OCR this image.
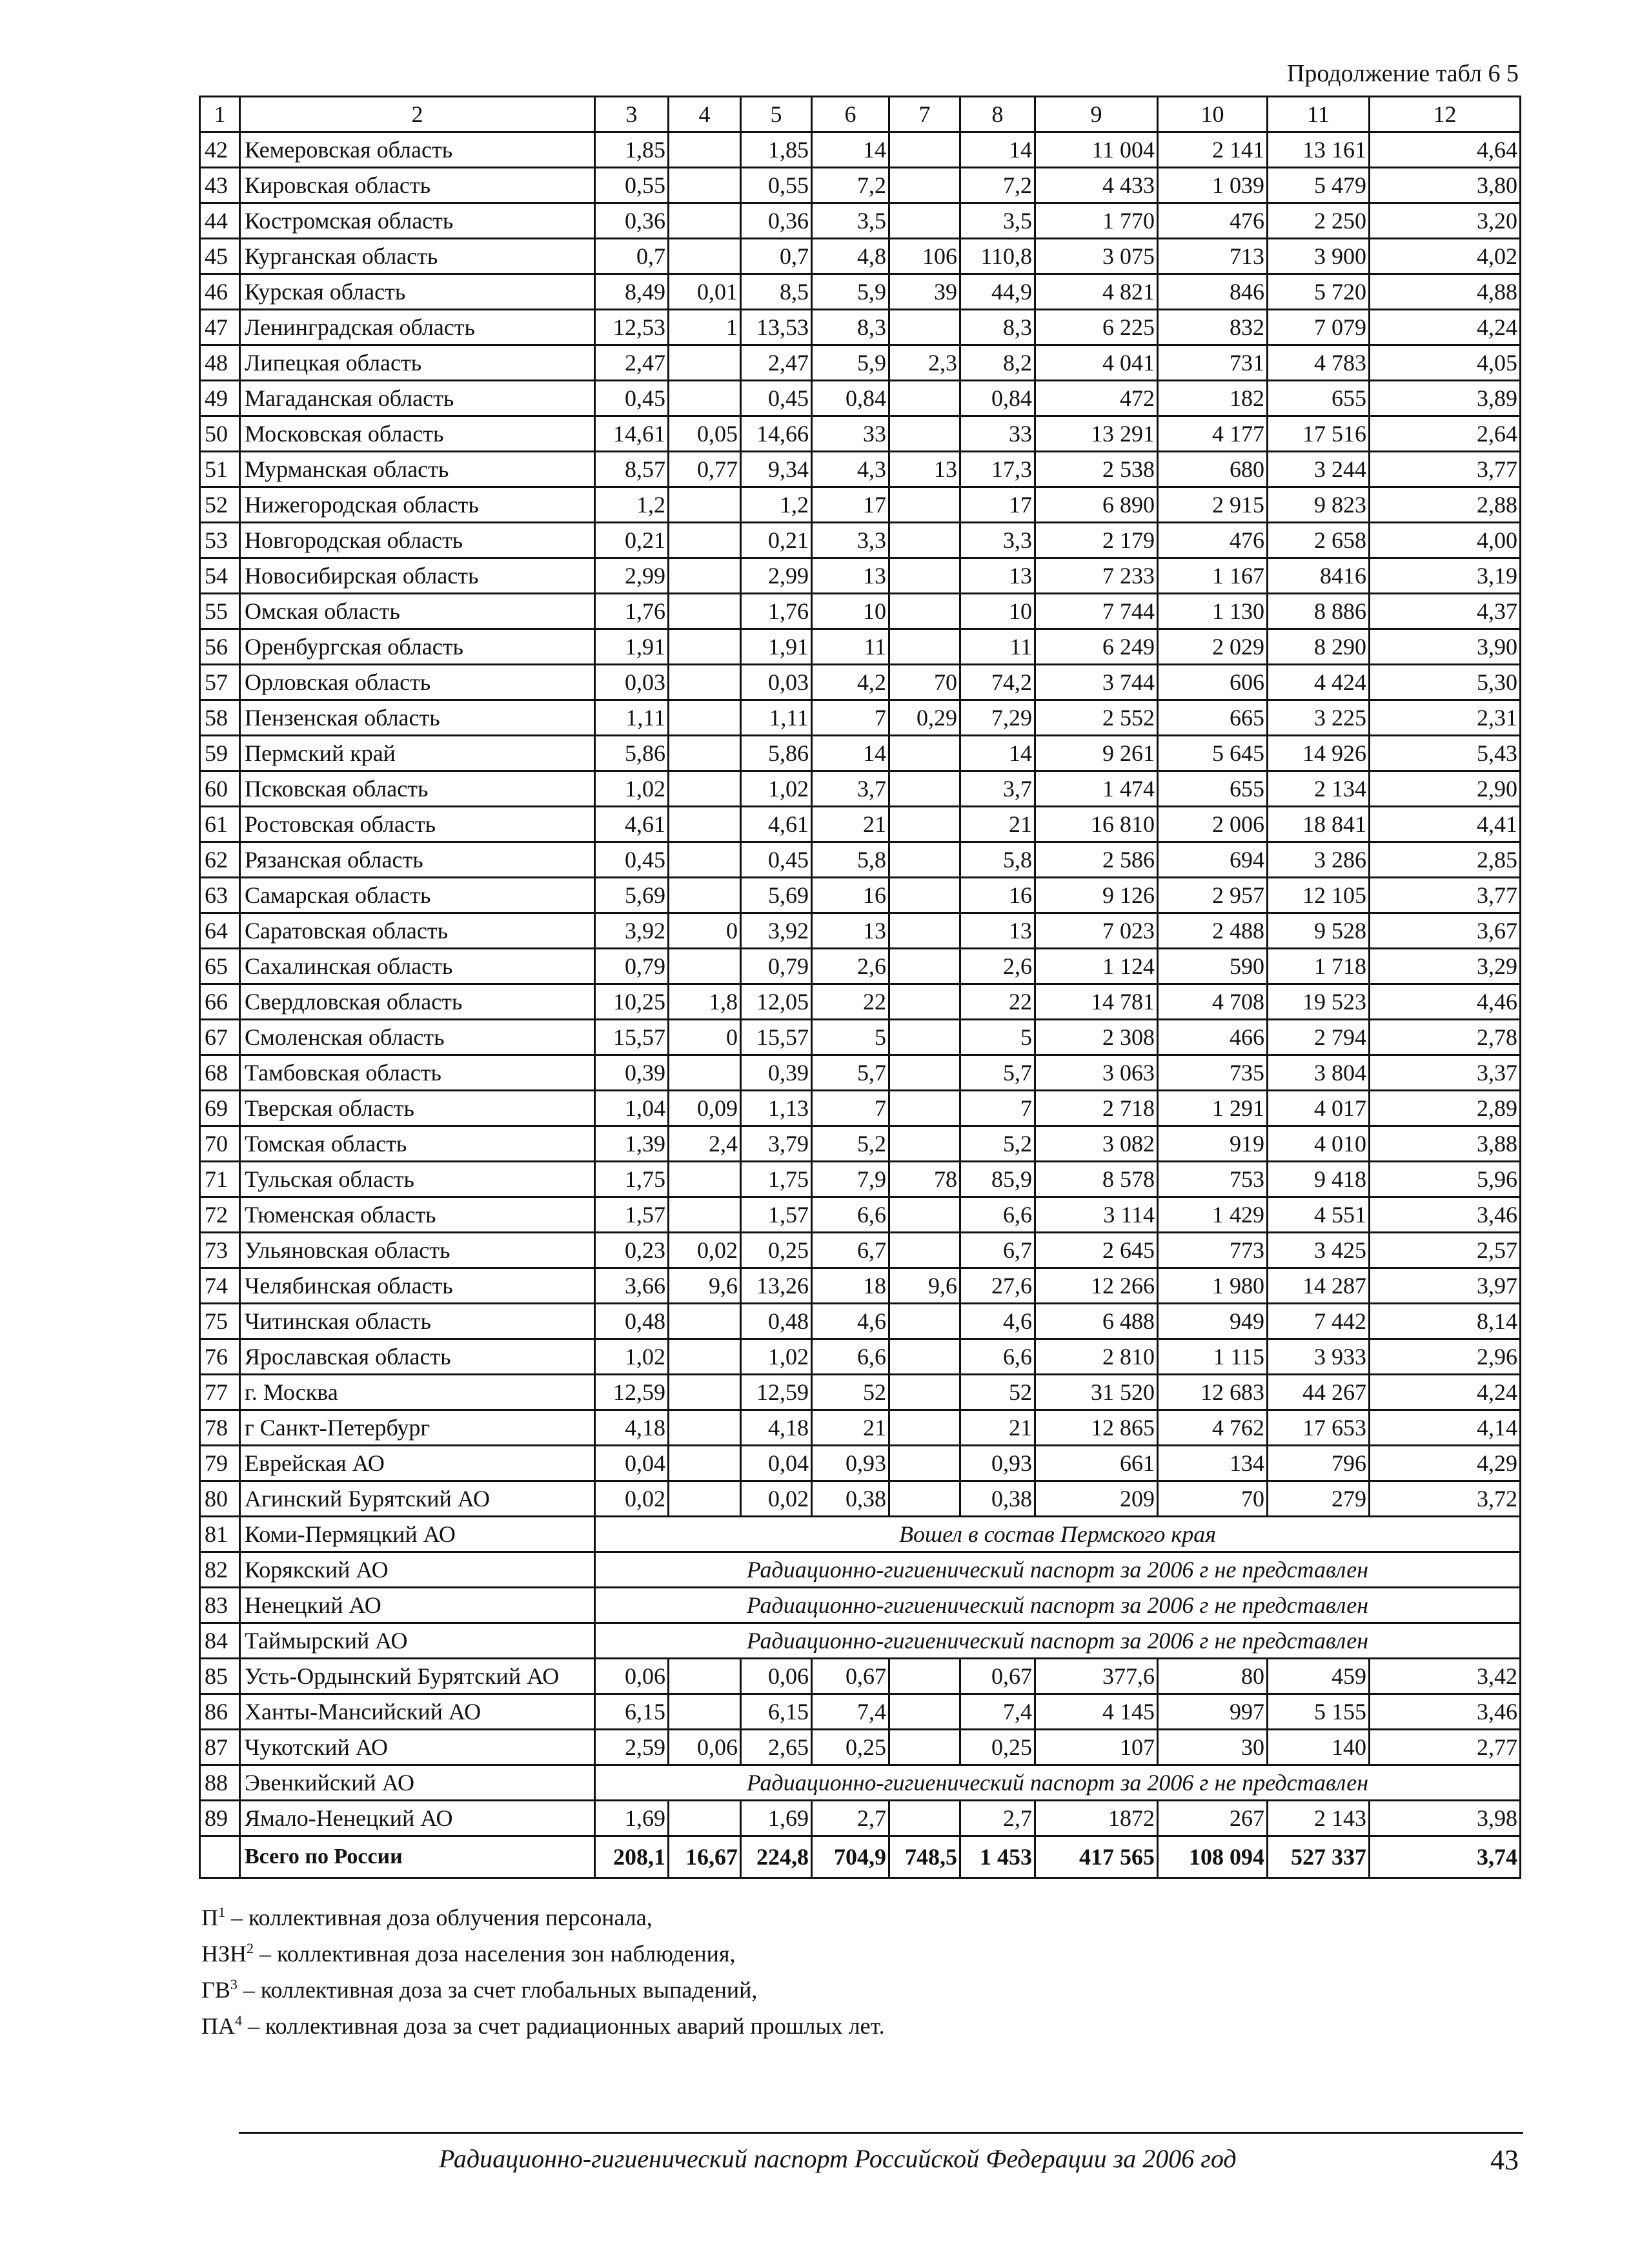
Продолжение табл 6 5
1	2	3	4	5	6	7	8	9	10	11	12
42	Кемеровская область	1,85		1,85	14		14	11 004	2 141	13 161	4,64
43	Кировская область	0,55		0,55	7,2		7,2	4 433	1 039	5 479	3,80
44	Костромская область	0,36		0,36	3,5		3,5	1 770	476	2 250	3,20
45	Курганская область	0,7		0,7	4,8	106	110,8	3 075	713	3 900	4,02
46	Курская область	8,49	0,01	8,5	5,9	39	44,9	4 821	846	5 720	4,88
47	Ленинградская область	12,53	1	13,53	8,3		8,3	6 225	832	7 079	4,24
48	Липецкая область	2,47		2,47	5,9	2,3	8,2	4 041	731	4 783	4,05
49	Магаданская область	0,45		0,45	0,84		0,84	472	182	655	3,89
50	Московская область	14,61	0,05	14,66	33		33	13 291	4 177	17 516	2,64
51	Мурманская область	8,57	0,77	9,34	4,3	13	17,3	2 538	680	3 244	3,77
52	Нижегородская область	1,2		1,2	17		17	6 890	2 915	9 823	2,88
53	Новгородская область	0,21		0,21	3,3		3,3	2 179	476	2 658	4,00
54	Новосибирская область	2,99		2,99	13		13	7 233	1 167	8416	3,19
55	Омская область	1,76		1,76	10		10	7 744	1 130	8 886	4,37
56	Оренбургская область	1,91		1,91	11		11	6 249	2 029	8 290	3,90
57	Орловская область	0,03		0,03	4,2	70	74,2	3 744	606	4 424	5,30
58	Пензенская область	1,11		1,11	7	0,29	7,29	2 552	665	3 225	2,31
59	Пермский край	5,86		5,86	14		14	9 261	5 645	14 926	5,43
60	Псковская область	1,02		1,02	3,7		3,7	1 474	655	2 134	2,90
61	Ростовская область	4,61		4,61	21		21	16 810	2 006	18 841	4,41
62	Рязанская область	0,45		0,45	5,8		5,8	2 586	694	3 286	2,85
63	Самарская область	5,69		5,69	16		16	9 126	2 957	12 105	3,77
64	Саратовская область	3,92	0	3,92	13		13	7 023	2 488	9 528	3,67
65	Сахалинская область	0,79		0,79	2,6		2,6	1 124	590	1 718	3,29
66	Свердловская область	10,25	1,8	12,05	22		22	14 781	4 708	19 523	4,46
67	Смоленская область	15,57	0	15,57	5		5	2 308	466	2 794	2,78
68	Тамбовская область	0,39		0,39	5,7		5,7	3 063	735	3 804	3,37
69	Тверская область	1,04	0,09	1,13	7		7	2 718	1 291	4 017	2,89
70	Томская область	1,39	2,4	3,79	5,2		5,2	3 082	919	4 010	3,88
71	Тульская область	1,75		1,75	7,9	78	85,9	8 578	753	9 418	5,96
72	Тюменская область	1,57		1,57	6,6		6,6	3 114	1 429	4 551	3,46
73	Ульяновская область	0,23	0,02	0,25	6,7		6,7	2 645	773	3 425	2,57
74	Челябинская область	3,66	9,6	13,26	18	9,6	27,6	12 266	1 980	14 287	3,97
75	Читинская область	0,48		0,48	4,6		4,6	6 488	949	7 442	8,14
76	Ярославская область	1,02		1,02	6,6		6,6	2 810	1 115	3 933	2,96
77	г. Москва	12,59		12,59	52		52	31 520	12 683	44 267	4,24
78	г Санкт-Петербург	4,18		4,18	21		21	12 865	4 762	17 653	4,14
79	Еврейская АО	0,04		0,04	0,93		0,93	661	134	796	4,29
80	Агинский Бурятский АО	0,02		0,02	0,38		0,38	209	70	279	3,72
81	Коми-Пермяцкий АО	Вошел в состав Пермского края									
82	Корякский АО	Радиационно-гигиенический паспорт за 2006 г не представлен									
83	Ненецкий АО	Радиационно-гигиенический паспорт за 2006 г не представлен									
84	Таймырский АО	Радиационно-гигиенический паспорт за 2006 г не представлен									
85	Усть-Ордынский Бурятский АО	0,06		0,06	0,67		0,67	377,6	80	459	3,42
86	Ханты-Мансийский АО	6,15		6,15	7,4		7,4	4 145	997	5 155	3,46
87	Чукотский АО	2,59	0,06	2,65	0,25		0,25	107	30	140	2,77
88	Эвенкийский АО	Радиационно-гигиенический паспорт за 2006 г не представлен									
89	Ямало-Ненецкий АО	1,69		1,69	2,7		2,7	1872	267	2 143	3,98
	Всего по России	208,1	16,67	224,8	704,9	748,5	1 453	417 565	108 094	527 337	3,74
$П^1$ – коллективная доза облучения персонала,
НЗН$^2$ – коллективная доза населения зон наблюдения,
$ГВ^3$ – коллективная доза за счет глобальных выпадений,
$ПА^4$ – коллективная доза за счет радиационных аварий прошлых лет.
Радиационно-гигиенический паспорт Российской Федерации за 2006 год	43
